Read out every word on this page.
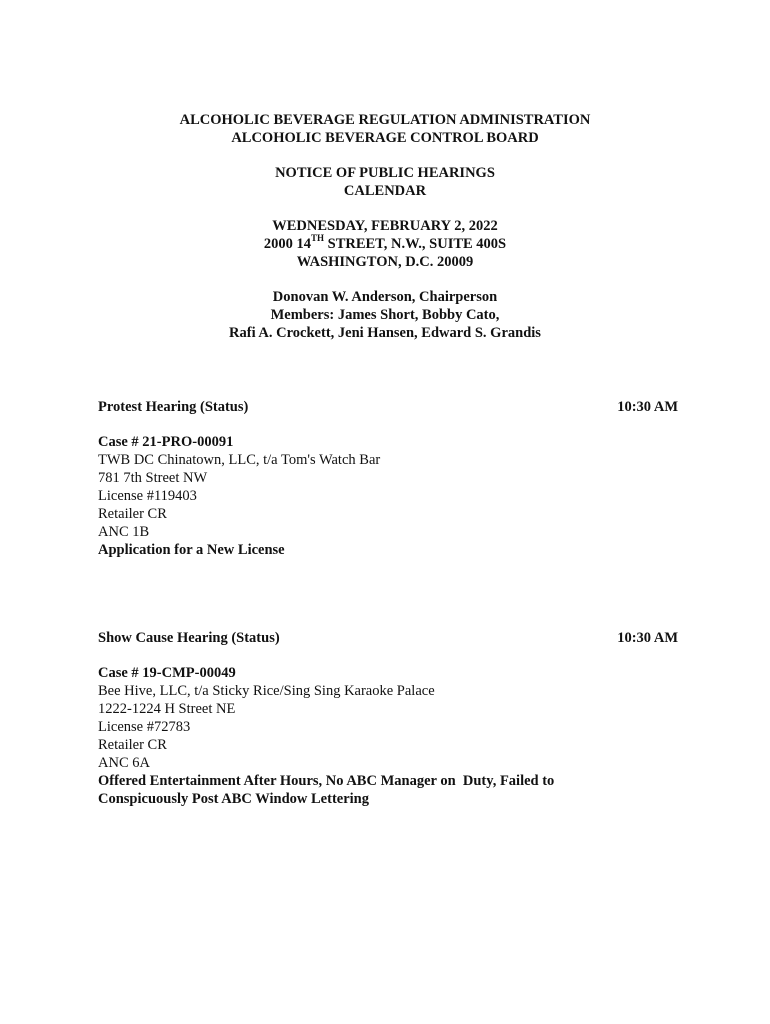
ALCOHOLIC BEVERAGE REGULATION ADMINISTRATION
ALCOHOLIC BEVERAGE CONTROL BOARD
NOTICE OF PUBLIC HEARINGS
CALENDAR
WEDNESDAY, FEBRUARY 2, 2022
2000 14TH STREET, N.W., SUITE 400S
WASHINGTON, D.C. 20009
Donovan W. Anderson, Chairperson
Members: James Short, Bobby Cato,
Rafi A. Crockett, Jeni Hansen, Edward S. Grandis
Protest Hearing (Status)	10:30 AM
Case # 21-PRO-00091
TWB DC Chinatown, LLC, t/a Tom's Watch Bar
781 7th Street NW
License #119403
Retailer CR
ANC 1B
Application for a New License
Show Cause Hearing (Status)	10:30 AM
Case # 19-CMP-00049
Bee Hive, LLC, t/a Sticky Rice/Sing Sing Karaoke Palace
1222-1224 H Street NE
License #72783
Retailer CR
ANC 6A
Offered Entertainment After Hours, No ABC Manager on  Duty, Failed to
Conspicuously Post ABC Window Lettering
